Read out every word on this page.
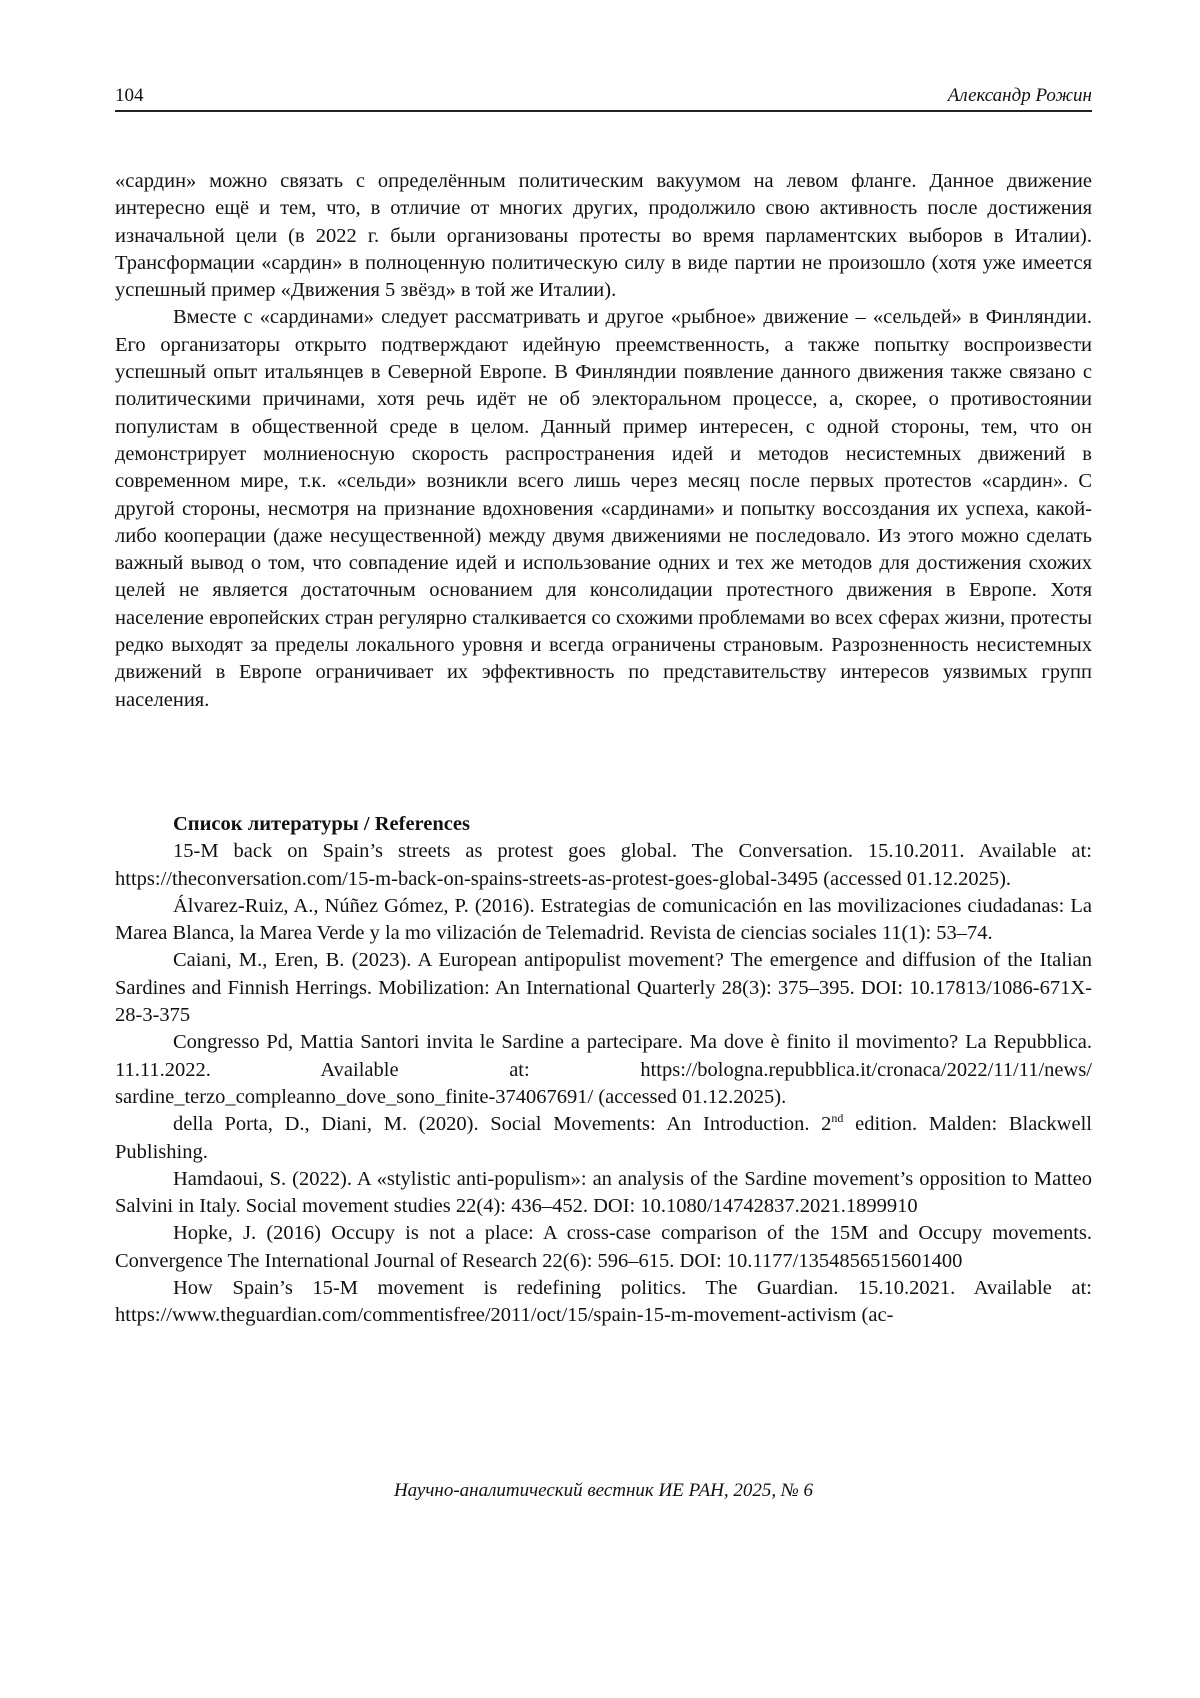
104	Александр Рожин

«сардин» можно связать с определённым политическим вакуумом на левом фланге. Данное движение интересно ещё и тем, что, в отличие от многих других, продолжило свою активность после достижения изначальной цели (в 2022 г. были организованы протесты во время парламентских выборов в Италии). Трансформации «сардин» в полноценную политическую силу в виде партии не произошло (хотя уже имеется успешный пример «Движения 5 звёзд» в той же Италии).

Вместе с «сардинами» следует рассматривать и другое «рыбное» движение – «сельдей» в Финляндии. Его организаторы открыто подтверждают идейную преемственность, а также попытку воспроизвести успешный опыт итальянцев в Северной Европе. В Финляндии появление данного движения также связано с политическими причинами, хотя речь идёт не об электоральном процессе, а, скорее, о противостоянии популистам в общественной среде в целом. Данный пример интересен, с одной стороны, тем, что он демонстрирует молниеносную скорость распространения идей и методов несистемных движений в современном мире, т.к. «сельди» возникли всего лишь через месяц после первых протестов «сардин». С другой стороны, несмотря на признание вдохновения «сардинами» и попытку воссоздания их успеха, какой-либо кооперации (даже несущественной) между двумя движениями не последовало. Из этого можно сделать важный вывод о том, что совпадение идей и использование одних и тех же методов для достижения схожих целей не является достаточным основанием для консолидации протестного движения в Европе. Хотя население европейских стран регулярно сталкивается со схожими проблемами во всех сферах жизни, протесты редко выходят за пределы локального уровня и всегда ограничены страновым. Разрозненность несистемных движений в Европе ограничивает их эффективность по представительству интересов уязвимых групп населения.

Список литературы / References

15-M back on Spain’s streets as protest goes global. The Conversation. 15.10.2011. Available at: https://theconversation.com/15-m-back-on-spains-streets-as-protest-goes-global-3495 (accessed 01.12.2025).

Álvarez-Ruiz, A., Núñez Gómez, P. (2016). Estrategias de comunicación en las movilizaciones ciudadanas: La Marea Blanca, la Marea Verde y la mo vilización de Telemadrid. Revista de ciencias sociales 11(1): 53–74.

Caiani, M., Eren, B. (2023). A European antipopulist movement? The emergence and diffusion of the Italian Sardines and Finnish Herrings. Mobilization: An International Quarterly 28(3): 375–395. DOI: 10.17813/1086-671X-28-3-375

Congresso Pd, Mattia Santori invita le Sardine a partecipare. Ma dove è finito il movimento? La Repubblica. 11.11.2022. Available at: https://bologna.repubblica.it/cronaca/2022/11/11/news/ sardine_terzo_compleanno_dove_sono_finite-374067691/ (accessed 01.12.2025).

della Porta, D., Diani, M. (2020). Social Movements: An Introduction. 2nd edition. Malden: Blackwell Publishing.

Hamdaoui, S. (2022). A «stylistic anti-populism»: an analysis of the Sardine movement’s opposition to Matteo Salvini in Italy. Social movement studies 22(4): 436–452. DOI: 10.1080/14742837.2021.1899910

Hopke, J. (2016) Occupy is not a place: A cross-case comparison of the 15M and Occupy movements. Convergence The International Journal of Research 22(6): 596–615. DOI: 10.1177/1354856515601400

How Spain’s 15-M movement is redefining politics. The Guardian. 15.10.2021. Available at: https://www.theguardian.com/commentisfree/2011/oct/15/spain-15-m-movement-activism (ac-

Научно-аналитический вестник ИЕ РАН, 2025, № 6
